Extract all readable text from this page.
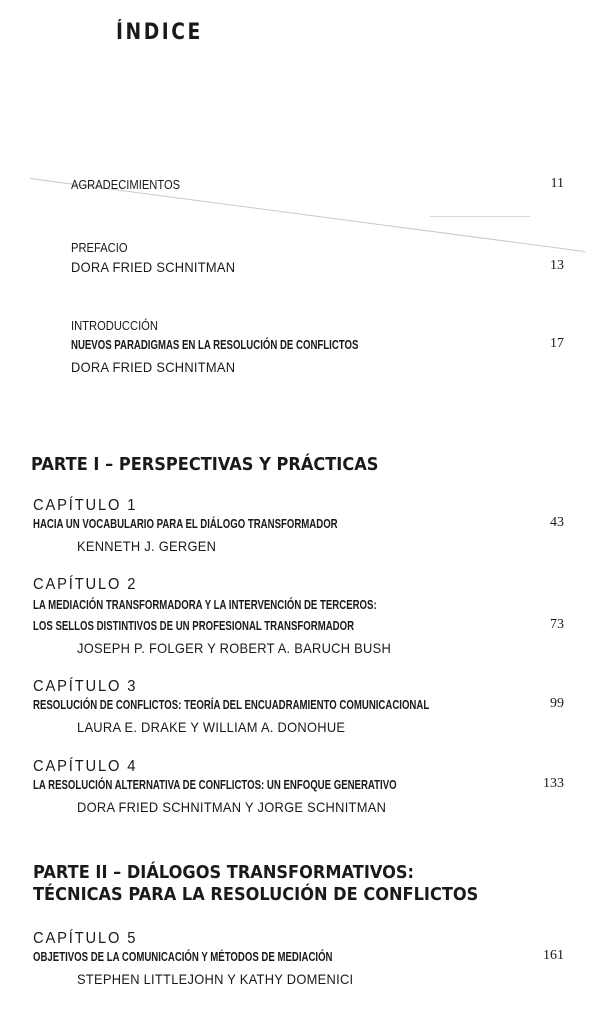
ÍNDICE
AGRADECIMIENTOS	11
PREFACIO
DORA FRIED SCHNITMAN	13
INTRODUCCIÓN
NUEVOS PARADIGMAS EN LA RESOLUCIÓN DE CONFLICTOS
DORA FRIED SCHNITMAN
17
PARTE I – PERSPECTIVAS Y PRÁCTICAS
CAPÍTULO 1
HACIA UN VOCABULARIO PARA EL DIÁLOGO TRANSFORMADOR
KENNETH J. GERGEN
43
CAPÍTULO 2
LA MEDIACIÓN TRANSFORMADORA Y LA INTERVENCIÓN DE TERCEROS:
LOS SELLOS DISTINTIVOS DE UN PROFESIONAL TRANSFORMADOR
JOSEPH P. FOLGER Y ROBERT A. BARUCH BUSH
73
CAPÍTULO 3
RESOLUCIÓN DE CONFLICTOS: TEORÍA DEL ENCUADRAMIENTO COMUNICACIONAL
LAURA E. DRAKE Y WILLIAM A. DONOHUE
99
CAPÍTULO 4
LA RESOLUCIÓN ALTERNATIVA DE CONFLICTOS: UN ENFOQUE GENERATIVO
DORA FRIED SCHNITMAN Y JORGE SCHNITMAN
133
PARTE II – DIÁLOGOS TRANSFORMATIVOS:
TÉCNICAS PARA LA RESOLUCIÓN DE CONFLICTOS
CAPÍTULO 5
OBJETIVOS DE LA COMUNICACIÓN Y MÉTODOS DE MEDIACIÓN
STEPHEN LITTLEJOHN Y KATHY DOMENICI
161
